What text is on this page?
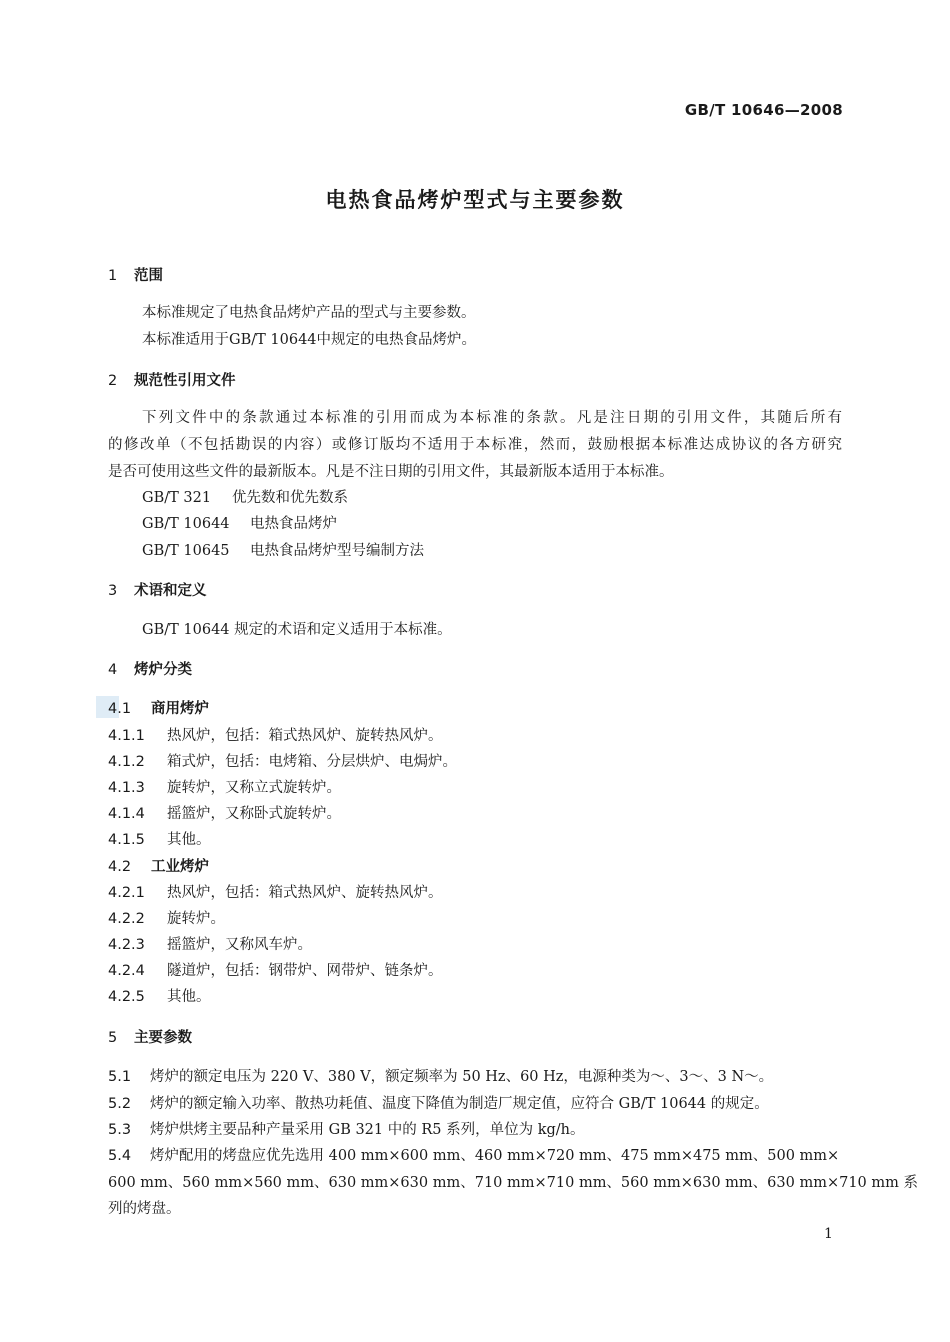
GB/T 10646—2008
电热食品烤炉型式与主要参数
1 范围
本标准规定了电热食品烤炉产品的型式与主要参数。
本标准适用于GB/T 10644中规定的电热食品烤炉。
2 规范性引用文件
下列文件中的条款通过本标准的引用而成为本标准的条款。凡是注日期的引用文件，其随后所有
的修改单（不包括勘误的内容）或修订版均不适用于本标准，然而，鼓励根据本标准达成协议的各方研究
是否可使用这些文件的最新版本。凡是不注日期的引用文件，其最新版本适用于本标准。
GB/T 321 优先数和优先数系
GB/T 10644 电热食品烤炉
GB/T 10645 电热食品烤炉型号编制方法
3 术语和定义
GB/T 10644 规定的术语和定义适用于本标准。
4 烤炉分类
4.1 商用烤炉
4.1.1 热风炉，包括：箱式热风炉、旋转热风炉。
4.1.2 箱式炉，包括：电烤箱、分层烘炉、电焗炉。
4.1.3 旋转炉，又称立式旋转炉。
4.1.4 摇篮炉，又称卧式旋转炉。
4.1.5 其他。
4.2 工业烤炉
4.2.1 热风炉，包括：箱式热风炉、旋转热风炉。
4.2.2 旋转炉。
4.2.3 摇篮炉，又称风车炉。
4.2.4 隧道炉，包括：钢带炉、网带炉、链条炉。
4.2.5 其他。
5 主要参数
5.1 烤炉的额定电压为 220 V、380 V，额定频率为 50 Hz、60 Hz，电源种类为～、3～、3 N～。
5.2 烤炉的额定输入功率、散热功耗值、温度下降值为制造厂规定值，应符合 GB/T 10644 的规定。
5.3 烤炉烘烤主要品种产量采用 GB 321 中的 R5 系列，单位为 kg/h。
5.4 烤炉配用的烤盘应优先选用 400 mm×600 mm、460 mm×720 mm、475 mm×475 mm、500 mm×
600 mm、560 mm×560 mm、630 mm×630 mm、710 mm×710 mm、560 mm×630 mm、630 mm×710 mm 系
列的烤盘。
1
